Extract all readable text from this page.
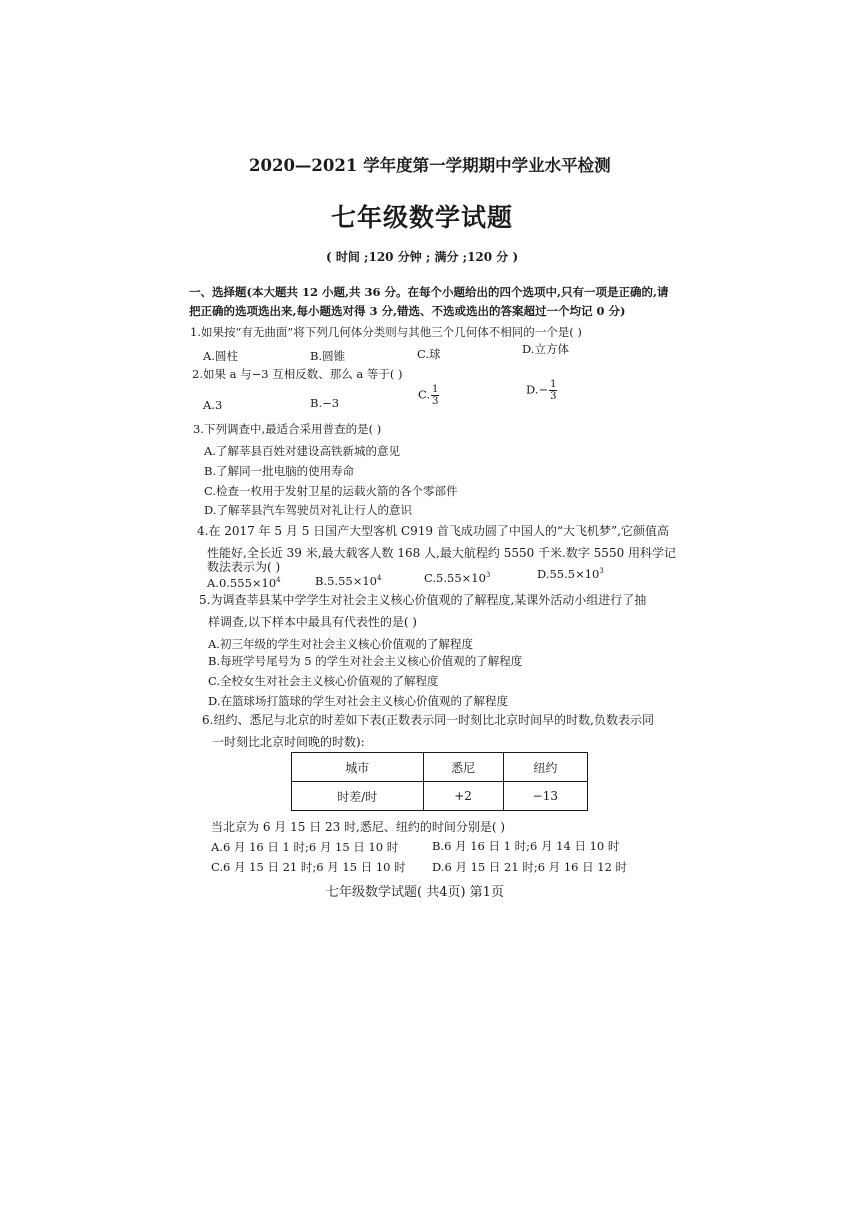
2020—2021 学年度第一学期期中学业水平检测
七年级数学试题
( 时间 ;120 分钟 ; 满分 ;120 分 )
一、选择题(本大题共 12 小题,共 36 分。在每个小题给出的四个选项中,只有一项是正确的,请
把正确的选项选出来,每小题选对得 3 分,错选、不选或选出的答案超过一个均记 0 分)
1.如果按“有无曲面”将下列几何体分类则与其他三个几何体不相同的一个是( )
A.圆柱	B.圆锥	C.球	D.立方体
2.如果 a 与−3 互相反数、那么 a 等于( )
A.3	B.−3
C. $\frac{1}{3}$	$D.- \frac{1}{3}$
3.下列调查中,最适合采用普查的是( )
A.了解莘县百姓对建设高铁新城的意见
B.了解同一批电脑的使用寿命
C.检查一枚用于发射卫星的运载火箭的各个零部件
D.了解莘县汽车驾驶员对礼让行人的意识
4.在 2017 年 5 月 5 日国产大型客机 C919 首飞成功圆了中国人的“大飞机梦”,它颜值高
性能好,全长近 39 米,最大载客人数 168 人,最大航程约 5550 千米.数字 5550 用科学记
数法表示为( )
$A.0.555\times 10^4$	$B.5.55\times 10^4$	$C.5.55\times 10^3$	$D.55.5\times 10^3$
5.为调查莘县某中学学生对社会主义核心价值观的了解程度,某课外活动小组进行了抽
样调查,以下样本中最具有代表性的是( )
A.初三年级的学生对社会主义核心价值观的了解程度
B.每班学号尾号为 5 的学生对社会主义核心价值观的了解程度
C.全校女生对社会主义核心价值观的了解程度
D.在篮球场打篮球的学生对社会主义核心价值观的了解程度
6.纽约、悉尼与北京的时差如下表(正数表示同一时刻比北京时间早的时数,负数表示同
一时刻比北京时间晚的时数):
城市	悉尼	纽约
时差/时	+2	−13
当北京为 6 月 15 日 23 时,悉尼、纽约的时间分别是( )
A.6 月 16 日 1 时;6 月 15 日 10 时	B.6 月 16 日 1 时;6 月 14 日 10 时
C.6 月 15 日 21 时;6 月 15 日 10 时 D.6 月 15 日 21 时;6 月 16 日 12 时
七年级数学试题( 共4页) 第1页
